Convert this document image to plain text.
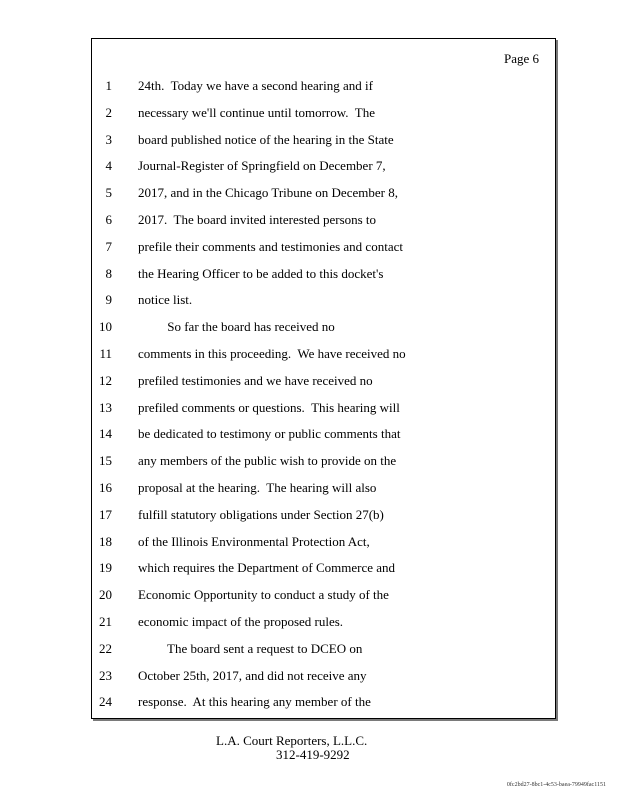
Page 6
1 24th.  Today we have a second hearing and if
2 necessary we'll continue until tomorrow.  The
3 board published notice of the hearing in the State
4 Journal-Register of Springfield on December 7,
5 2017, and in the Chicago Tribune on December 8,
6 2017.  The board invited interested persons to
7 prefile their comments and testimonies and contact
8 the Hearing Officer to be added to this docket's
9 notice list.
10 So far the board has received no
11 comments in this proceeding.  We have received no
12 prefiled testimonies and we have received no
13 prefiled comments or questions.  This hearing will
14 be dedicated to testimony or public comments that
15 any members of the public wish to provide on the
16 proposal at the hearing.  The hearing will also
17 fulfill statutory obligations under Section 27(b)
18 of the Illinois Environmental Protection Act,
19 which requires the Department of Commerce and
20 Economic Opportunity to conduct a study of the
21 economic impact of the proposed rules.
22 The board sent a request to DCEO on
23 October 25th, 2017, and did not receive any
24 response.  At this hearing any member of the
L.A. Court Reporters, L.L.C.
312-419-9292
0fc2bd27-8bc1-4c53-baea-79949fac1151
